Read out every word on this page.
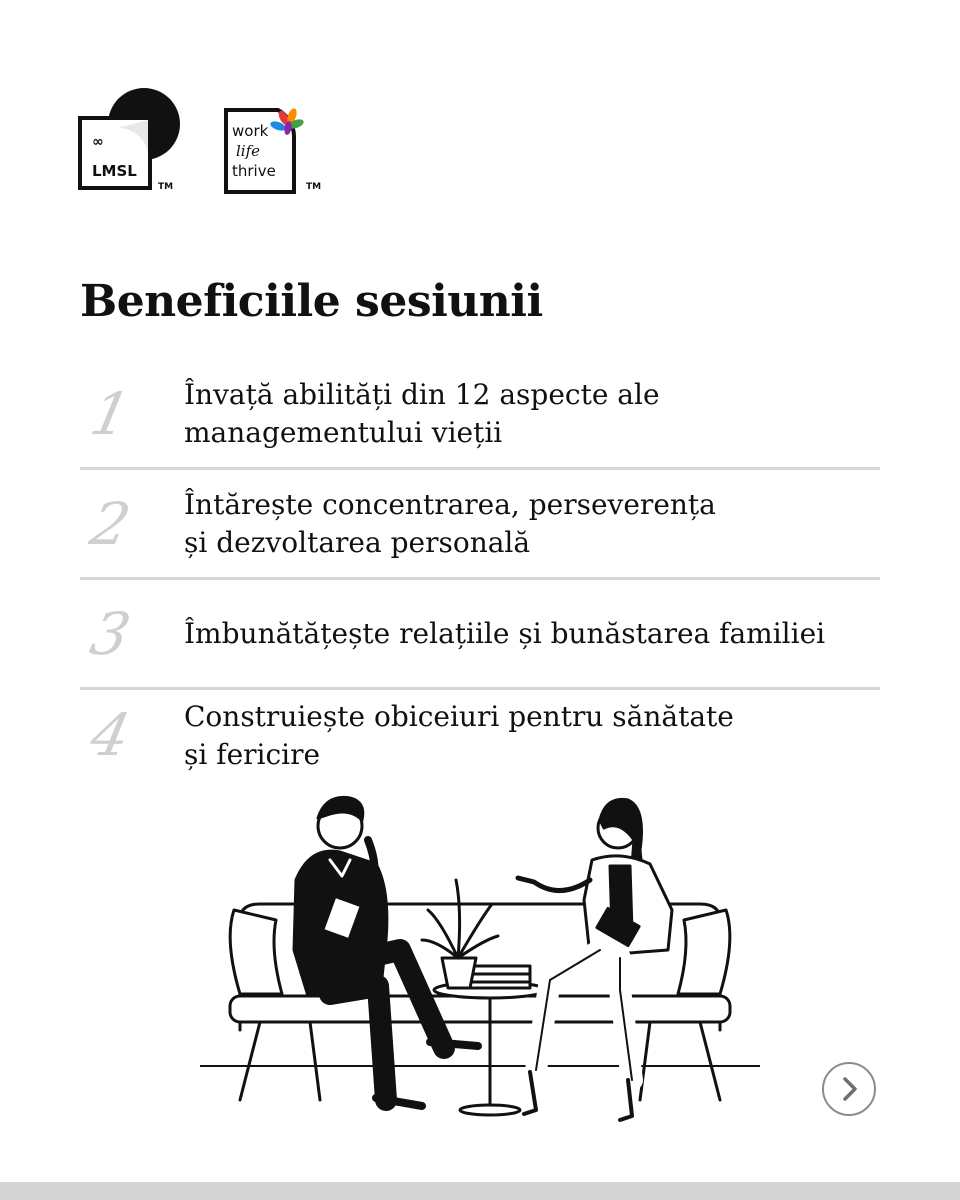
∞
LMSL
TM
work
life
thrive
TM
Beneficiile sesiunii
1 Învață abilități din 12 aspecte ale
managementului vieții
2 Întărește concentrarea, perseverența
și dezvoltarea personală
3 Îmbunătățește relațiile și bunăstarea familiei
4 Construiește obiceiuri pentru sănătate
și fericire
